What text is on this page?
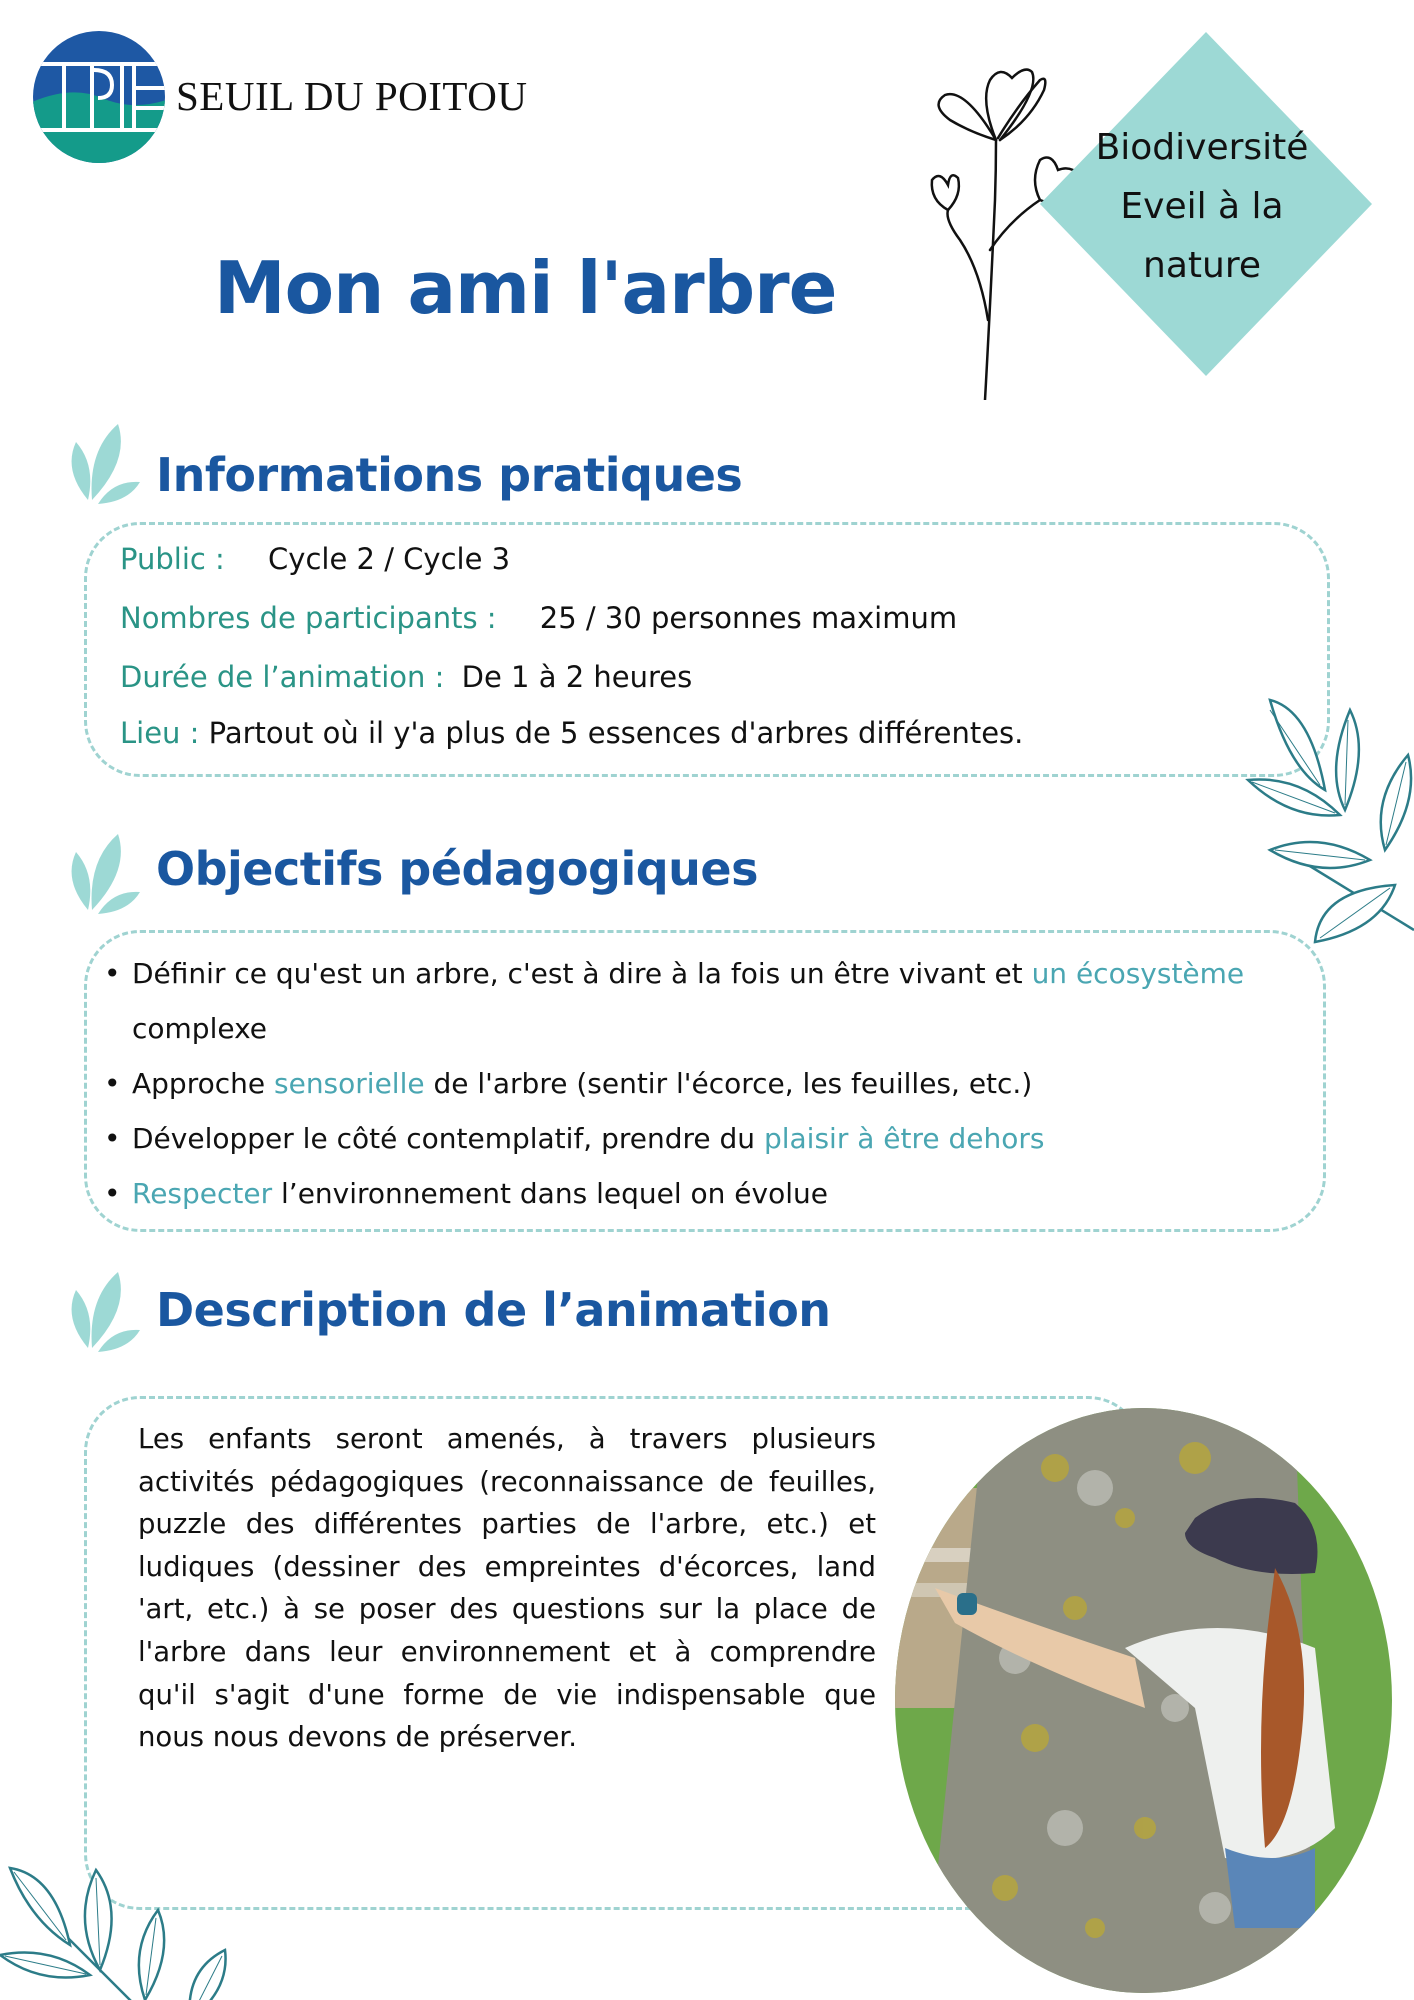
SEUIL DU POITOU
Mon ami l'arbre
Biodiversité
Eveil à la
nature
Informations pratiques
Public : Cycle 2 / Cycle 3
Nombres de participants : 25 / 30 personnes maximum
Durée de l’animation : De 1 à 2 heures
Lieu : Partout où il y'a plus de 5 essences d'arbres différentes.
Objectifs pédagogiques
• Définir ce qu'est un arbre, c'est à dire à la fois un être vivant et un écosystème
complexe
• Approche sensorielle de l'arbre (sentir l'écorce, les feuilles, etc.)
• Développer le côté contemplatif, prendre du plaisir à être dehors
• Respecter l’environnement dans lequel on évolue
Description de l’animation

Les enfants seront amenés, à travers plusieurs activités pédagogiques (reconnaissance de feuilles, puzzle des différentes parties de l'arbre, etc.) et ludiques (dessiner des empreintes d'écorces, land 'art, etc.) à se poser des questions sur la place de l'arbre dans leur environnement et à comprendre qu'il s'agit d'une forme de vie indispensable que nous nous devons de préserver.
